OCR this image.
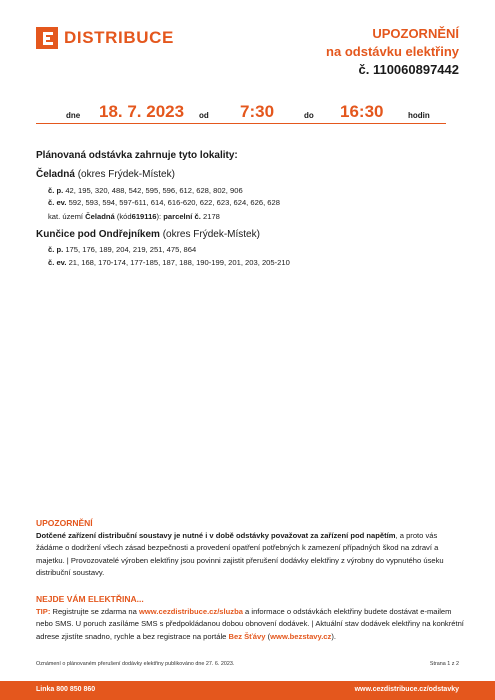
DISTRIBUCE	UPOZORNĚNÍ
na odstávku elektřiny
č. 110060897442
dne 18. 7. 2023 od 7:30	do 16:30	hodin
Plánovaná odstávka zahrnuje tyto lokality:
Čeladná (okres Frýdek-Místek)
č. p. 42, 195, 320, 488, 542, 595, 596, 612, 628, 802, 906
č. ev. 592, 593, 594, 597-611, 614, 616-620, 622, 623, 624, 626, 628
kat. území Čeladná (kód619116): parcelní č. 2178
Kunčice pod Ondřejníkem (okres Frýdek-Místek)
č. p. 175, 176, 189, 204, 219, 251, 475, 864
č. ev. 21, 168, 170-174, 177-185, 187, 188, 190-199, 201, 203, 205-210
UPOZORNĚNÍ
Dotčené zařízení distribuční soustavy je nutné i v době odstávky považovat za zařízení pod napětím, a proto vás žádáme o dodržení všech zásad bezpečnosti a provedení opatření potřebných k zamezení případných škod na zdraví a majetku. | Provozovatelé výroben elektřiny jsou povinni zajistit přerušení dodávky elektřiny z výrobny do vypnutého úseku distribuční soustavy.
NEJDE VÁM ELEKTŘINA...
TIP: Registrujte se zdarma na www.cezdistribuce.cz/sluzba a informace o odstávkách elektřiny budete dostávat e-mailem nebo SMS. U poruch zasíláme SMS s předpokládanou dobou obnovení dodávek. | Aktuální stav dodávek elektřiny na konkrétní adrese zjistíte snadno, rychle a bez registrace na portále Bez Šťávy (www.bezstavy.cz).
Oznámení o plánovaném přerušení dodávky elektřiny publikováno dne 27. 6. 2023.	Strana 1 z 2
Linka 800 850 860	www.cezdistribuce.cz/odstavky
